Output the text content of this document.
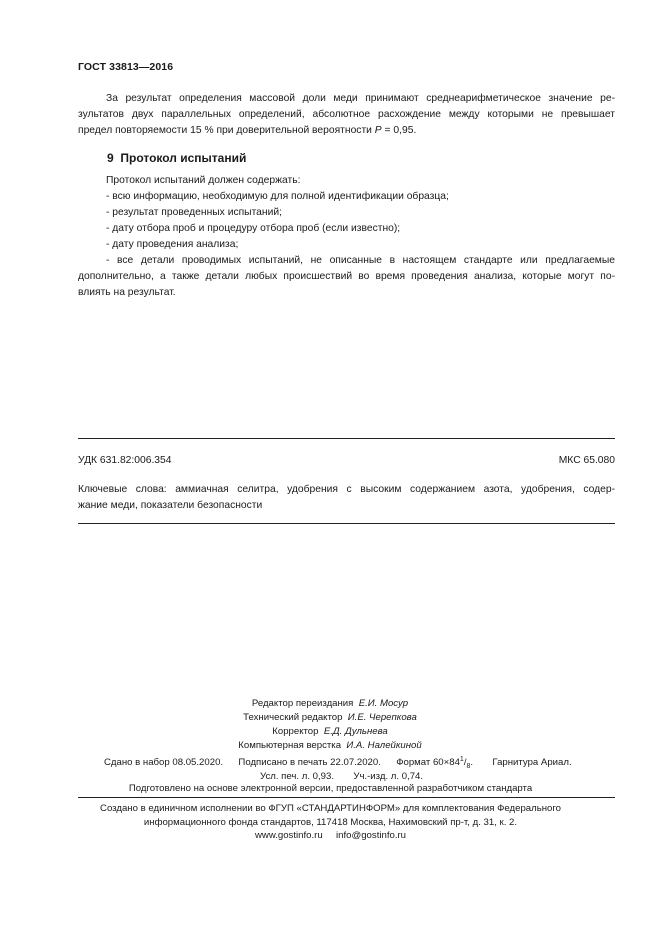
ГОСТ 33813—2016
За результат определения массовой доли меди принимают среднеарифметическое значение ре-
зультатов двух параллельных определений, абсолютное расхождение между которыми не превышает
предел повторяемости 15 % при доверительной вероятности P = 0,95.
9 Протокол испытаний
Протокол испытаний должен содержать:
- всю информацию, необходимую для полной идентификации образца;
- результат проведенных испытаний;
- дату отбора проб и процедуру отбора проб (если известно);
- дату проведения анализа;
- все детали проводимых испытаний, не описанные в настоящем стандарте или предлагаемые
дополнительно, а также детали любых происшествий во время проведения анализа, которые могут по-
влиять на результат.
УДК 631.82:006.354	МКС 65.080
Ключевые слова: аммиачная селитра, удобрения с высоким содержанием азота, удобрения, содер-
жание меди, показатели безопасности
Редактор переиздания Е.И. Мосур
Технический редактор И.Е. Черепкова
Корректор Е.Д. Дульнева
Компьютерная верстка И.А. Налейкиной
Сдано в набор 08.05.2020. Подписано в печать 22.07.2020. Формат $60\times 84^1/_8$. Гарнитура Ариал.
Усл. печ. л. 0,93. Уч.-изд. л. 0,74.
Подготовлено на основе электронной версии, предоставленной разработчиком стандарта
Создано в единичном исполнении во ФГУП «СТАНДАРТИНФОРМ» для комплектования Федерального
информационного фонда стандартов, 117418 Москва, Нахимовский пр-т, д. 31, к. 2.
www.gostinfo.ru info@gostinfo.ru
